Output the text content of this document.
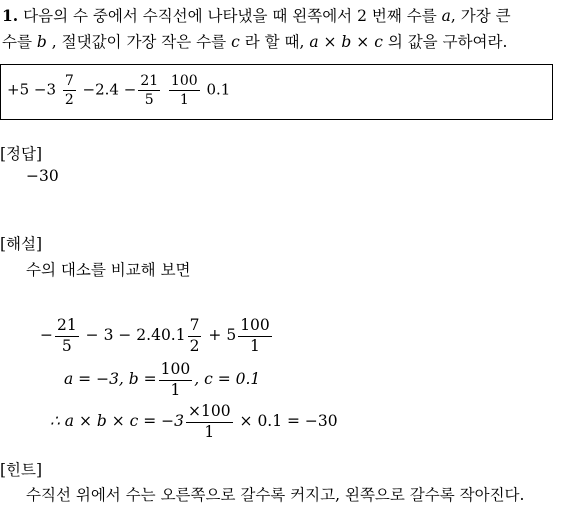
1. 다음의 수 중에서 수직선에 나타냈을 때 왼쪽에서 2 번째 수를 a, 가장 큰
수를 b , 절댓값이 가장 작은 수를 c 라 할 때, a × b × c 의 값을 구하여라.
$+5 -3 \frac{7}{2} -2.4 - \frac{21}{5}$
$\frac{100}{1} 0.1$
[정답]
−30
[해설]
수의 대소를 비교해 보면
− $\frac{21}{5} - 3 - 2.40.1 \frac{7}{2} + 5 \frac{100}{1}$
a = −3, $b = \frac{100}{1}$ , c = 0.1
∴ $a \times b \times c = -3 \frac{\times 100}{1} \times 0.1 = -30$
[힌트]
수직선 위에서 수는 오른쪽으로 갈수록 커지고, 왼쪽으로 갈수록 작아진다.
